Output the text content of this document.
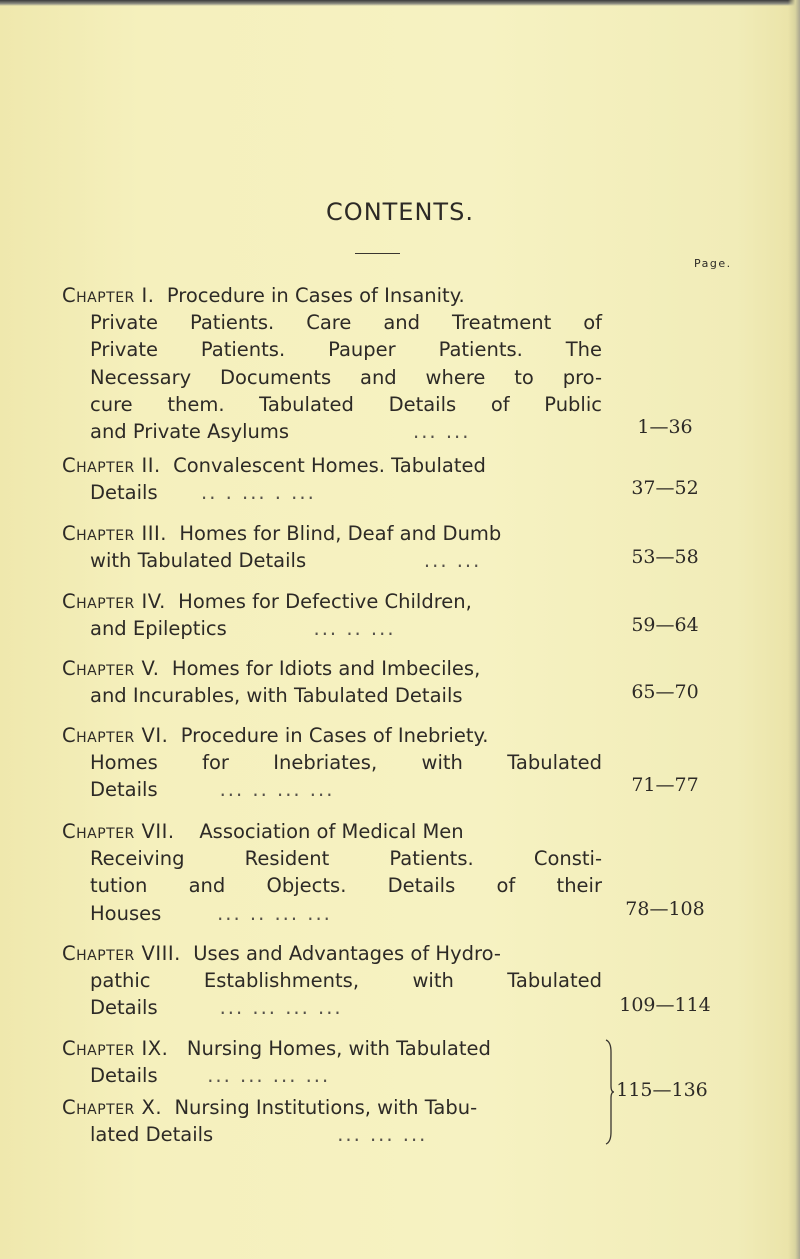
CONTENTS.
Page.
Chapter I. Procedure in Cases of Insanity.
Private Patients. Care and Treatment of
Private Patients. Pauper Patients. The
Necessary Documents and where to pro-
cure them. Tabulated Details of Public
and Private Asylums	... ...	1—36
Chapter II. Convalescent Homes. Tabulated
Details .. . ... . ...	37—52
Chapter III. Homes for Blind, Deaf and Dumb
with Tabulated Details	... ...	53—58
Chapter IV. Homes for Defective Children,
and Epileptics	... .. ...	59—64
Chapter V. Homes for Idiots and Imbeciles,
and Incurables, with Tabulated Details	65—70
Chapter VI. Procedure in Cases of Inebriety.
Homes for Inebriates, with Tabulated
Details	... .. ... ...	71—77
Chapter VII. Association of Medical Men
Receiving Resident Patients. Consti-
tution and Objects. Details of their
Houses	... .. ... ...	78—108
Chapter VIII. Uses and Advantages of Hydro-
pathic Establishments, with Tabulated
Details	... ... ... ...	109—114
Chapter IX. Nursing Homes, with Tabulated
Details	... ... ... ...
Chapter X. Nursing Institutions, with Tabu-
lated Details	... ... ...
115—136
